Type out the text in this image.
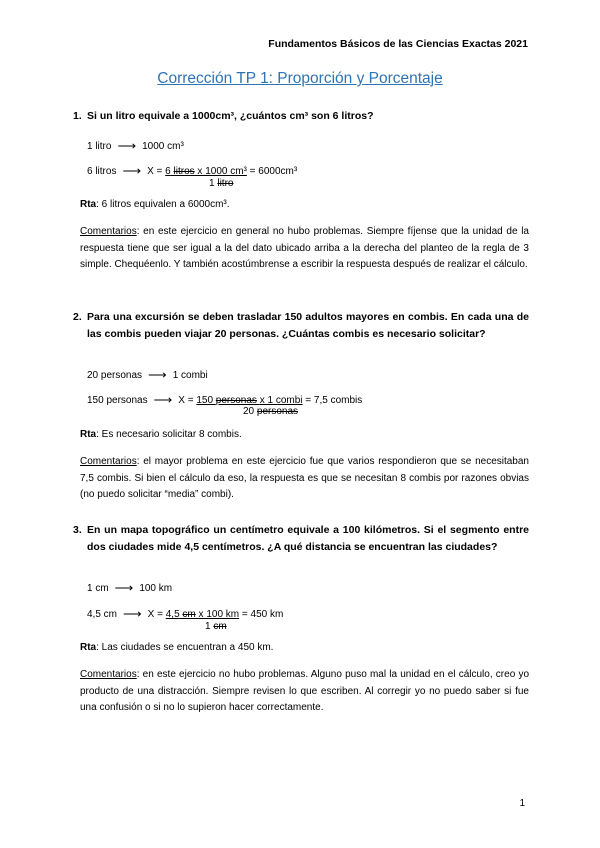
Fundamentos Básicos de las Ciencias Exactas 2021
Corrección TP 1: Proporción y Porcentaje
1. Si un litro equivale a 1000cm³, ¿cuántos cm³ son 6 litros?
1 litro ⟶ 1000 cm³
6 litros ⟶ X = 6 litros x 1000 cm³ = 6000cm³
1 litro
Rta: 6 litros equivalen a 6000cm³.
Comentarios: en este ejercicio en general no hubo problemas. Siempre fíjense que la unidad de la respuesta tiene que ser igual a la del dato ubicado arriba a la derecha del planteo de la regla de 3 simple. Chequéenlo. Y también acostúmbrense a escribir la respuesta después de realizar el cálculo.
2. Para una excursión se deben trasladar 150 adultos mayores en combis. En cada una de las combis pueden viajar 20 personas. ¿Cuántas combis es necesario solicitar?
20 personas ⟶ 1 combi
150 personas ⟶ X = 150 personas x 1 combi = 7,5 combis
20 personas
Rta: Es necesario solicitar 8 combis.
Comentarios: el mayor problema en este ejercicio fue que varios respondieron que se necesitaban 7,5 combis. Si bien el cálculo da eso, la respuesta es que se necesitan 8 combis por razones obvias (no puedo solicitar “media” combi).
3. En un mapa topográfico un centímetro equivale a 100 kilómetros. Si el segmento entre dos ciudades mide 4,5 centímetros. ¿A qué distancia se encuentran las ciudades?
1 cm ⟶ 100 km
4,5 cm ⟶ X = 4,5 cm x 100 km = 450 km
1 cm
Rta: Las ciudades se encuentran a 450 km.
Comentarios: en este ejercicio no hubo problemas. Alguno puso mal la unidad en el cálculo, creo yo producto de una distracción. Siempre revisen lo que escriben. Al corregir yo no puedo saber si fue una confusión o si no lo supieron hacer correctamente.
1
